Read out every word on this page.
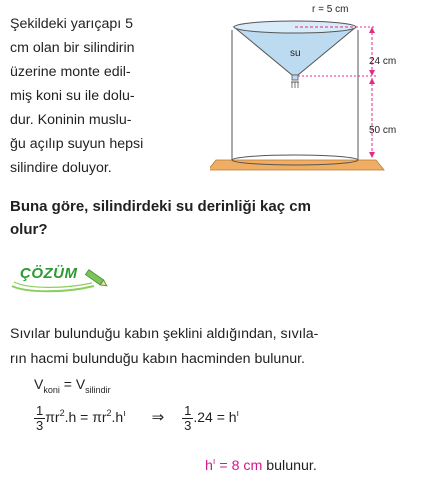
Şekildeki yarıçapı 5
cm olan bir silindirin
üzerine monte edil-
miş koni su ile dolu-
dur. Koninin muslu-
ğu açılıp suyun hepsi
silindire doluyor.
r = 5 cm
su
24 cm
50 cm
Buna göre, silindirdeki su derinliği kaç cm
olur?
ÇÖZÜM
Sıvılar bulunduğu kabın şeklini aldığından, sıvıla-
rın hacmi bulunduğu kabın hacminden bulunur.
$V_{koni} = V_{silindir}$
$\frac{1}{3} \pi r^2.h = \pi r^2.h^ı$ ⇒ $\frac{1}{3} .24 = h^ı$
$h^ı = 8$ cm bulunur.
